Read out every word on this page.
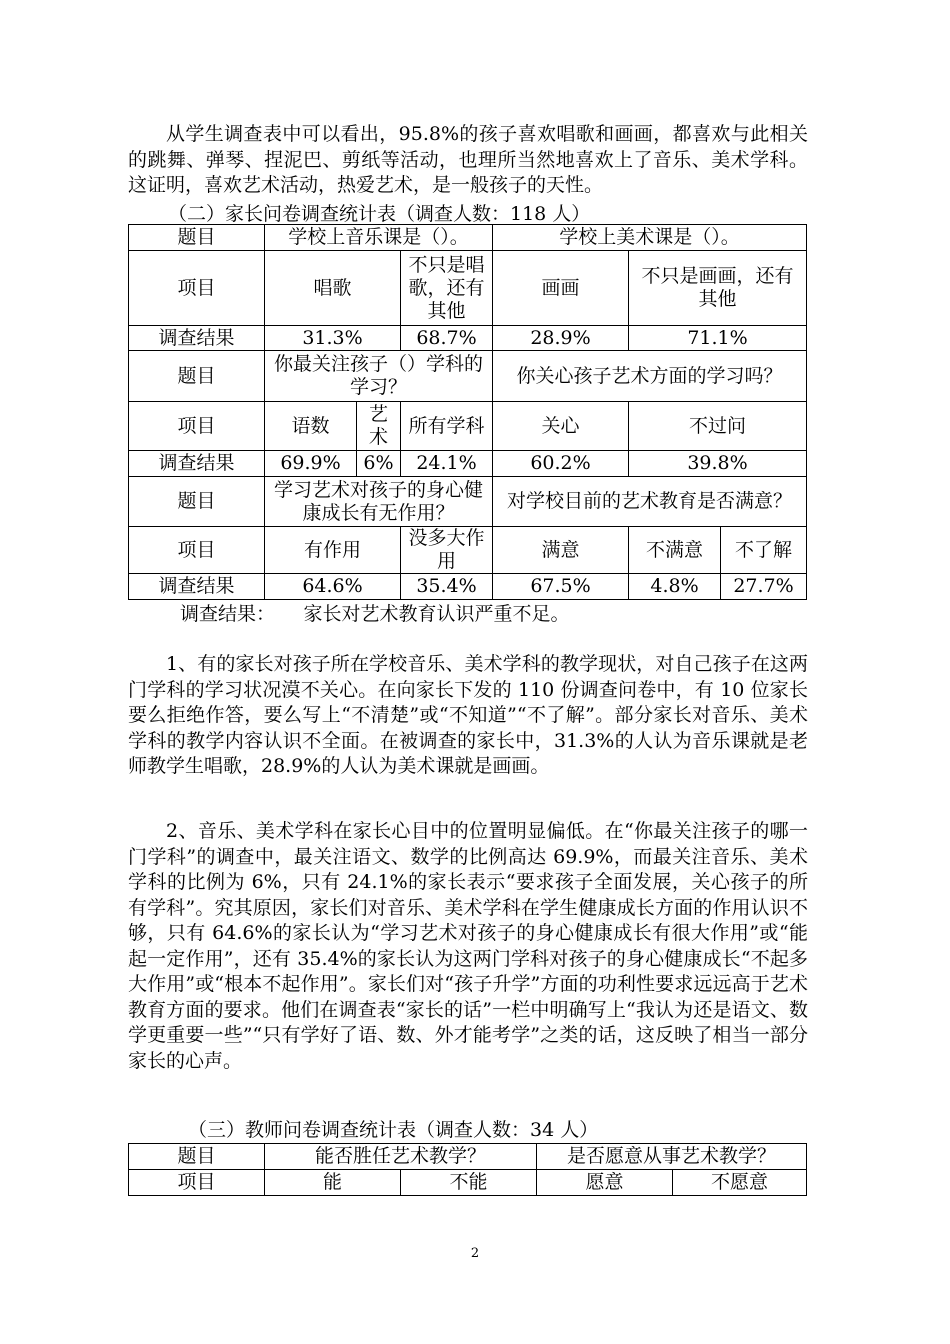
从学生调查表中可以看出，95.8%的孩子喜欢唱歌和画画，都喜欢与此相关的跳舞、弹琴、捏泥巴、剪纸等活动，也理所当然地喜欢上了音乐、美术学科。这证明，喜欢艺术活动，热爱艺术，是一般孩子的天性。

（二）家长问卷调查统计表（调查人数：118 人）

题目	学校上音乐课是（）。			学校上美术课是（）。		
项目	唱歌		不只是唱歌，还有其他	画画	不只是画画，还有其他	
调查结果	31.3%		68.7%	28.9%	71.1%	
题目	你最关注孩子（）学科的学习？			你关心孩子艺术方面的学习吗？		
项目	语数	艺术	所有学科	关心	不过问	
调查结果	69.9%	6%	24.1%	60.2%	39.8%	
题目	学习艺术对孩子的身心健康成长有无作用？			对学校目前的艺术教育是否满意？		
项目	有作用		没多大作用	满意	不满意	不了解
调查结果	64.6%		35.4%	67.5%	4.8%	27.7%

调查结果：　　家长对艺术教育认识严重不足。

1、有的家长对孩子所在学校音乐、美术学科的教学现状，对自己孩子在这两门学科的学习状况漠不关心。在向家长下发的 110 份调查问卷中，有 10 位家长要么拒绝作答，要么写上“不清楚”或“不知道”“不了解”。部分家长对音乐、美术学科的教学内容认识不全面。在被调查的家长中，31.3%的人认为音乐课就是老师教学生唱歌，28.9%的人认为美术课就是画画。

2、音乐、美术学科在家长心目中的位置明显偏低。在“你最关注孩子的哪一门学科”的调查中，最关注语文、数学的比例高达 69.9%，而最关注音乐、美术学科的比例为 6%，只有 24.1%的家长表示“要求孩子全面发展，关心孩子的所有学科”。究其原因，家长们对音乐、美术学科在学生健康成长方面的作用认识不够，只有 64.6%的家长认为“学习艺术对孩子的身心健康成长有很大作用”或“能起一定作用”，还有 35.4%的家长认为这两门学科对孩子的身心健康成长“不起多大作用”或“根本不起作用”。家长们对“孩子升学”方面的功利性要求远远高于艺术教育方面的要求。他们在调查表“家长的话”一栏中明确写上“我认为还是语文、数学更重要一些”“只有学好了语、数、外才能考学”之类的话，这反映了相当一部分家长的心声。

（三）教师问卷调查统计表（调查人数：34 人）

题目	能否胜任艺术教学？		是否愿意从事艺术教学？	
项目	能	不能	愿意	不愿意
2
